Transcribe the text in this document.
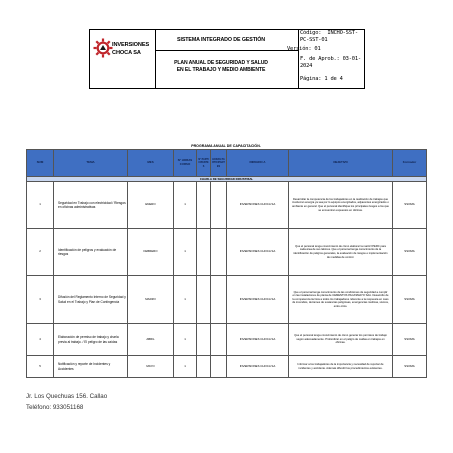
INVERSIONES
CHOCA SA
SISTEMA INTEGRADO DE GESTIÓN
PLAN ANUAL DE SEGURIDAD Y SALUD
EN EL TRABAJO Y MEDIO AMBIENTE
Código:  INCHO-SST-
PC-SST-01
Versión: 01
F. de Aprob.: 03-01-
2024
Página: 1 de 4
PROGRAMA ANUAL DE CAPACITACIÓN.
NUM	TEMA	MES	N° HORAS CURSO	N° PARTICIPANTES	HORAS PARTICIPANTES	DIRIGIDO A	OBJETIVO	Formador
CHARLA DE SEGURIDAD INDUSTRIAL								
1	Seguridad en Trabajo con electricidad / Riesgos en oficinas administrativas	ENERO	1			INVERSIONES CHOCA SA	Desarrollar la competencia de los trabajadores en la realización de trabajos que involucran energía ya sea por lo equipos energizados, adyacentes energizados o ambiente en general. Que el personal identifique los principales riesgos a los que se encuentran expuestos en oficinas.	SSOMA
2	Identificación de peligros y evaluación de riesgos	FEBRERO	1			INVERSIONES CHOCA SA	Que el personal tenga conocimiento de cómo elaborar la matriz IPERC para cada área de sus labores. Que el personal tenga conocimiento de la identificación de peligros generales, la evaluación de riesgos e implementación de medidas de control.	SSOMA
3	Difusión del Reglamento Interno de Seguridad y Salud en el Trabajo y Plan de Contingencia	MARZO	1			INVERSIONES CHOCA SA	Que el personal tenga conocimiento de las condiciones de seguridad a cumplir en las instalaciones de planta de CEMENTOS PACASMAYO SAA. Desarrollo de la competencia técnica a todos los trabajadores referente a la respuesta en caso de incendios, derrames de sustancias peligrosas, emergencias médicas, sismos, entre otros.	SSOMA
4	Elaboración de permiso de trabajo y charla previa al trabajo. / El peligro de las caídas	ABRIL	1			INVERSIONES CHOCA SA	Que el personal tenga conocimiento de cómo generar los permisos de trabajo según adecuadamente. Profundizar en el peligro de caídas en trabajos en oficinas.	SSOMA
5	Notificación y reporte de Incidentes y Accidentes	MAYO	1			INVERSIONES CHOCA SA	Informar a los trabajadores de la importancia y necesidad de reportar de incidentes y accidente. Además difundir los procedimientos existentes.	SSOMA
Jr. Los Quechuas 156. Callao
Teléfono: 933051168
